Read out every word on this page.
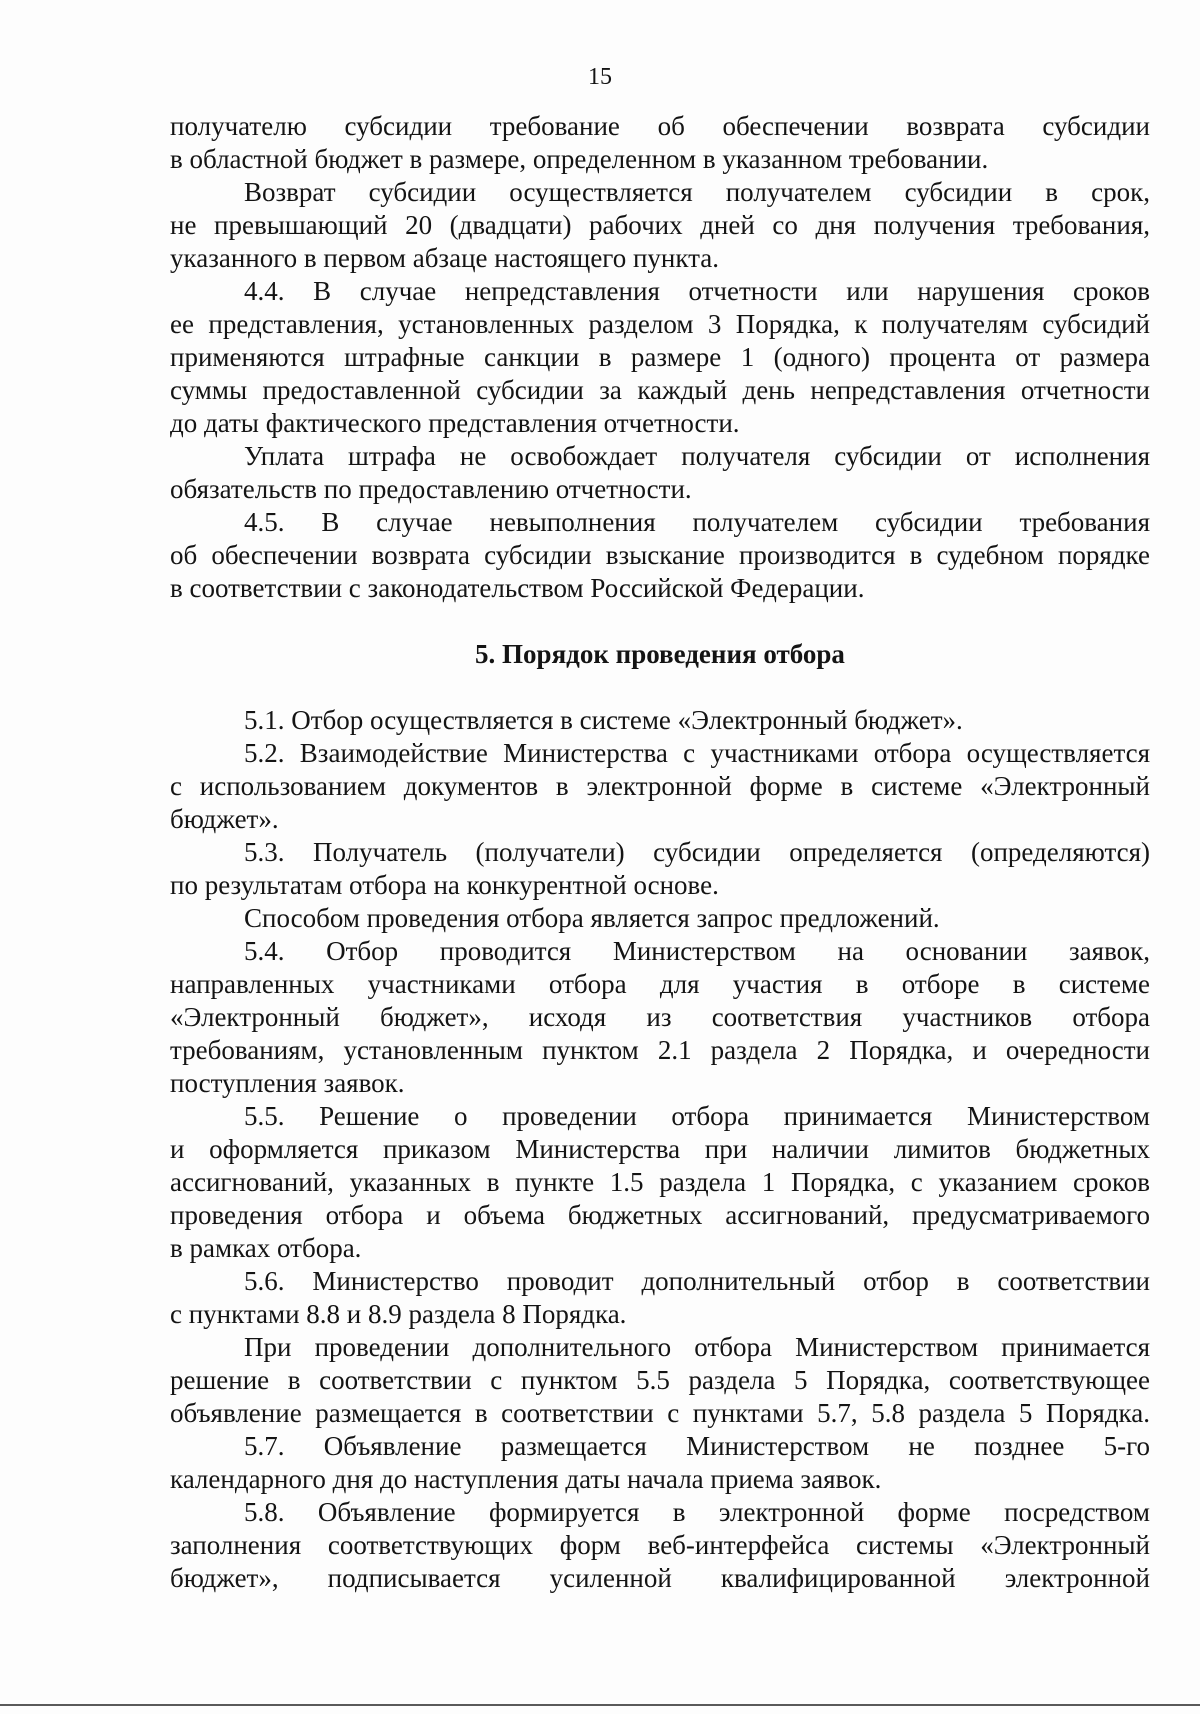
15
получателю субсидии требование об обеспечении возврата субсидии
в областной бюджет в размере, определенном в указанном требовании.
Возврат субсидии осуществляется получателем субсидии в срок,
не превышающий 20 (двадцати) рабочих дней со дня получения требования,
указанного в первом абзаце настоящего пункта.
4.4. В случае непредставления отчетности или нарушения сроков
ее представления, установленных разделом 3 Порядка, к получателям субсидий
применяются штрафные санкции в размере 1 (одного) процента от размера
суммы предоставленной субсидии за каждый день непредставления отчетности
до даты фактического представления отчетности.
Уплата штрафа не освобождает получателя субсидии от исполнения
обязательств по предоставлению отчетности.
4.5. В случае невыполнения получателем субсидии требования
об обеспечении возврата субсидии взыскание производится в судебном порядке
в соответствии с законодательством Российской Федерации.
5. Порядок проведения отбора
5.1. Отбор осуществляется в системе «Электронный бюджет».
5.2. Взаимодействие Министерства с участниками отбора осуществляется
с использованием документов в электронной форме в системе «Электронный
бюджет».
5.3. Получатель (получатели) субсидии определяется (определяются)
по результатам отбора на конкурентной основе.
Способом проведения отбора является запрос предложений.
5.4. Отбор проводится Министерством на основании заявок,
направленных участниками отбора для участия в отборе в системе
«Электронный бюджет», исходя из соответствия участников отбора
требованиям, установленным пунктом 2.1 раздела 2 Порядка, и очередности
поступления заявок.
5.5. Решение о проведении отбора принимается Министерством
и оформляется приказом Министерства при наличии лимитов бюджетных
ассигнований, указанных в пункте 1.5 раздела 1 Порядка, с указанием сроков
проведения отбора и объема бюджетных ассигнований, предусматриваемого
в рамках отбора.
5.6. Министерство проводит дополнительный отбор в соответствии
с пунктами 8.8 и 8.9 раздела 8 Порядка.
При проведении дополнительного отбора Министерством принимается
решение в соответствии с пунктом 5.5 раздела 5 Порядка, соответствующее
объявление размещается в соответствии с пунктами 5.7, 5.8 раздела 5 Порядка.
5.7. Объявление размещается Министерством не позднее 5-го
календарного дня до наступления даты начала приема заявок.
5.8. Объявление формируется в электронной форме посредством
заполнения соответствующих форм веб-интерфейса системы «Электронный
бюджет», подписывается усиленной квалифицированной электронной
